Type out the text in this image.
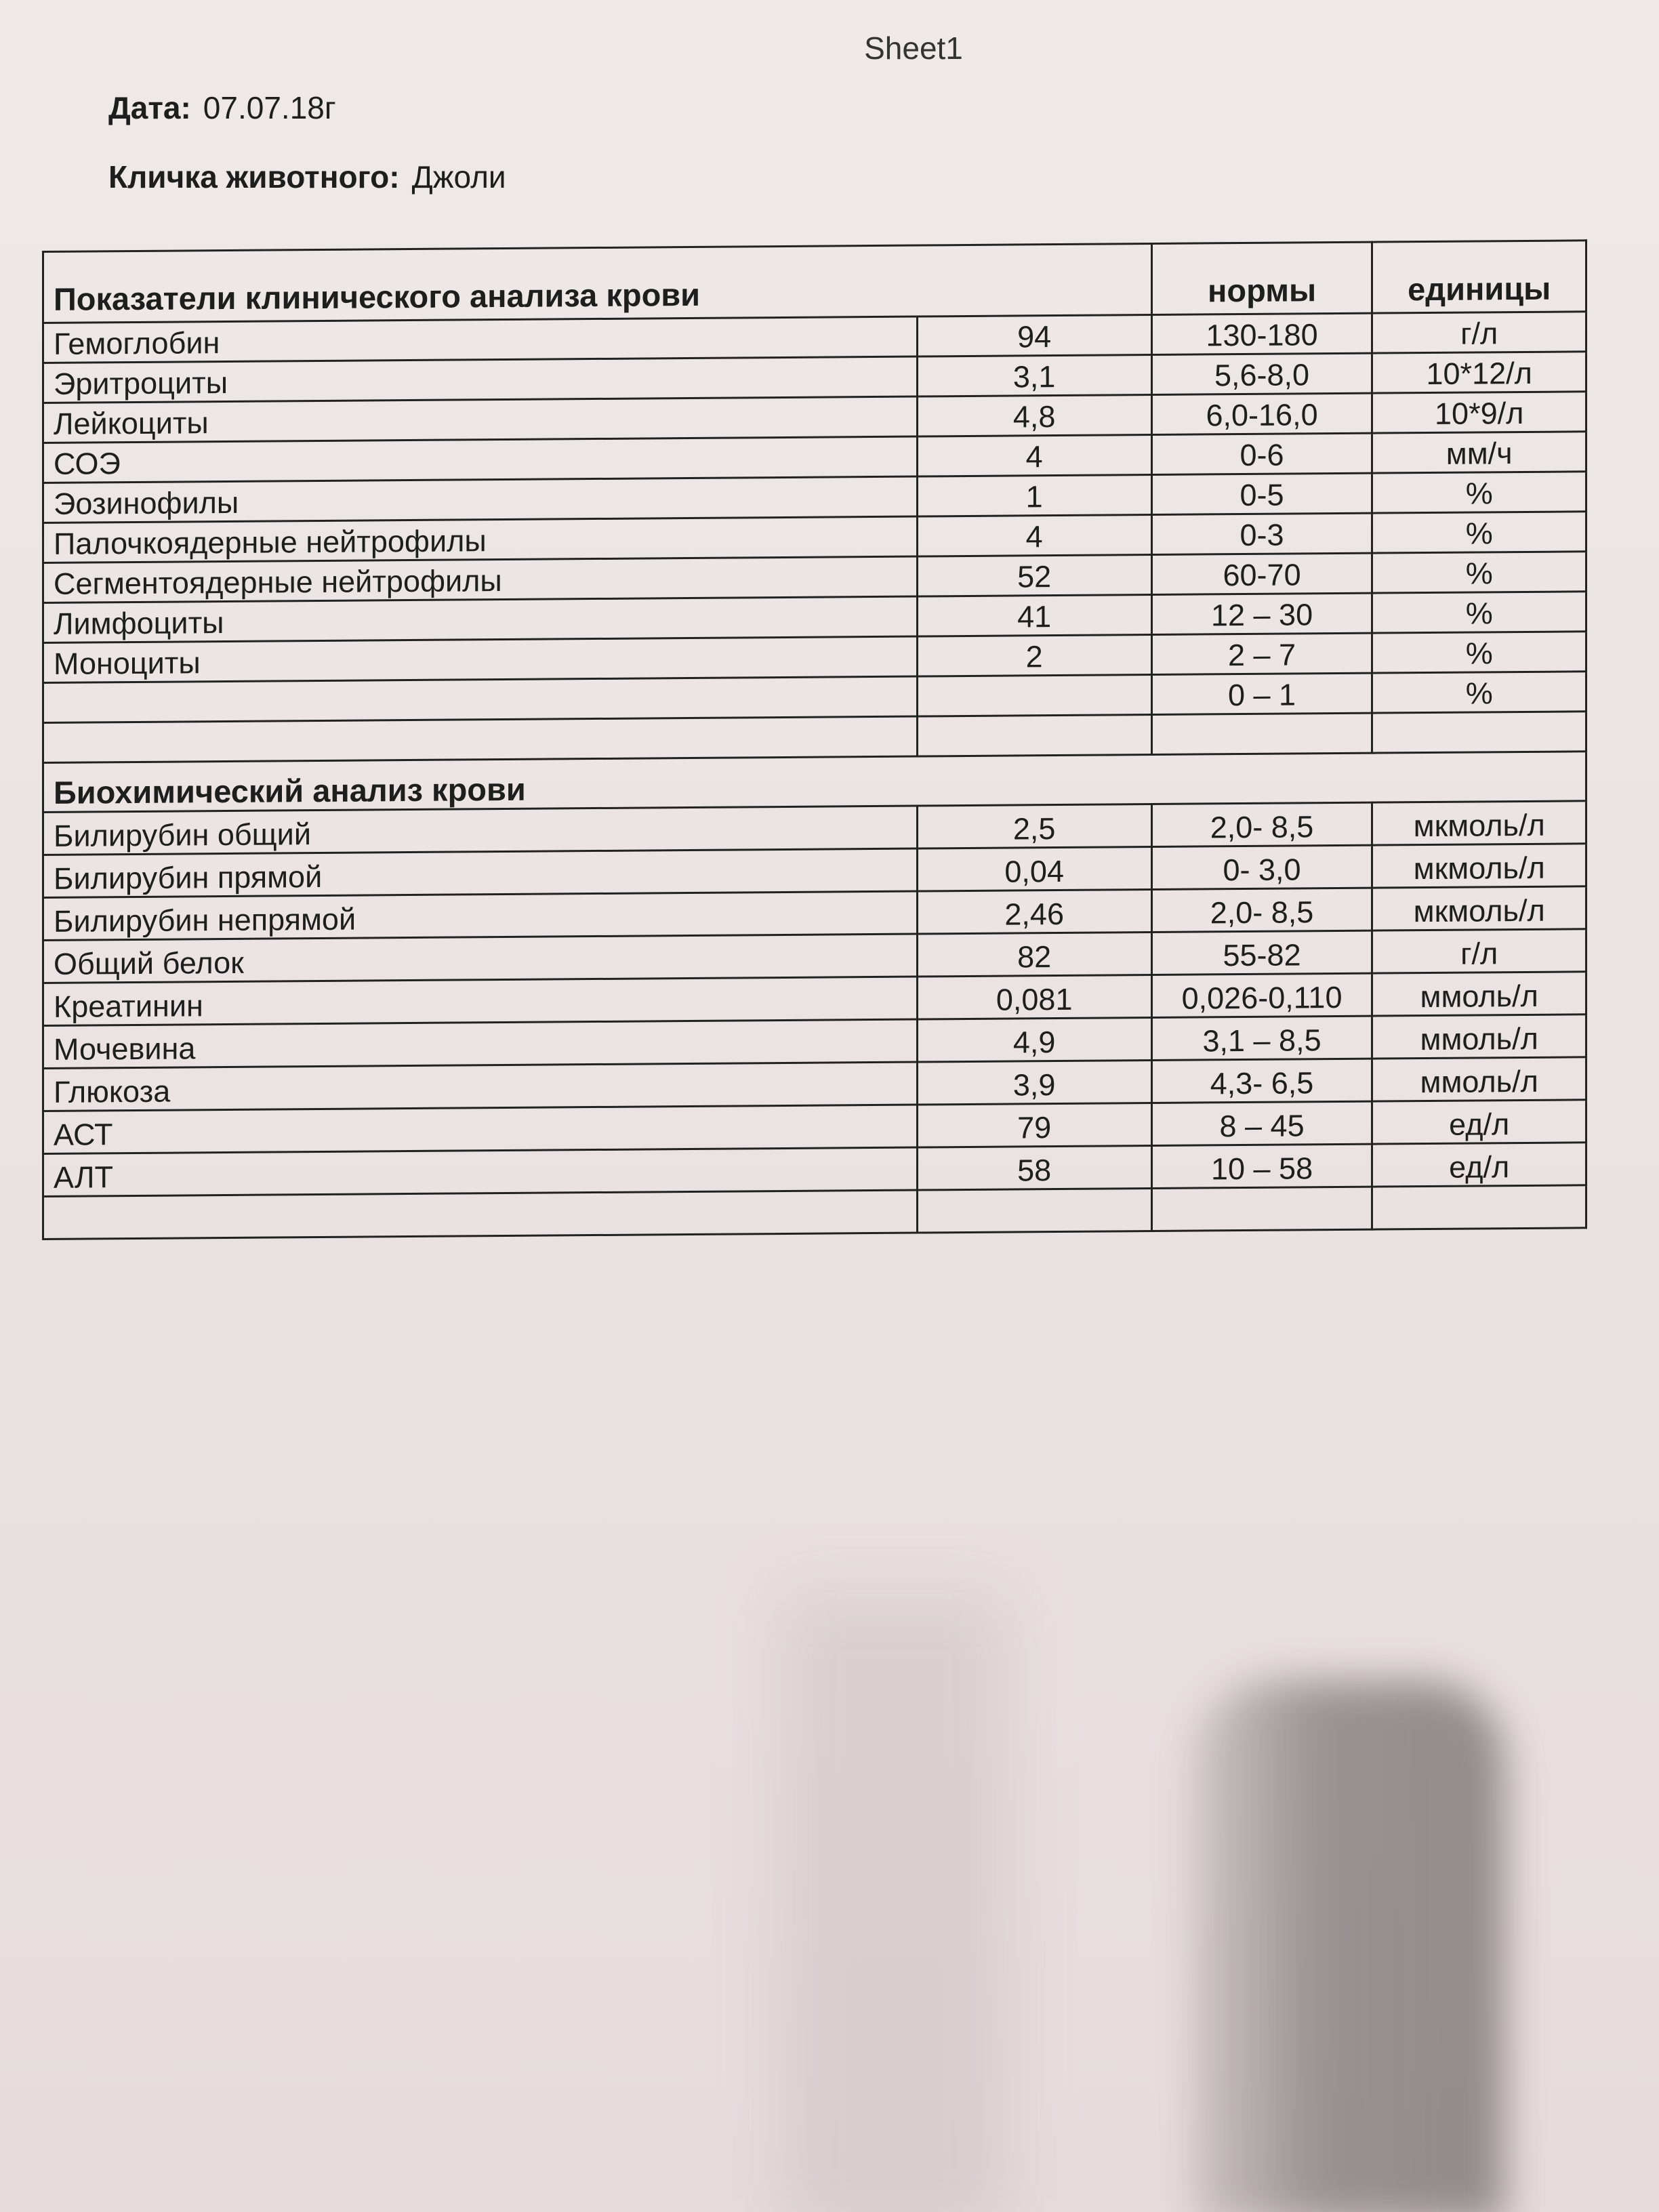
Sheet1
Дата: 07.07.18г
Кличка животного: Джоли
Показатели клинического анализа крови		нормы	единицы
Гемоглобин	94	130-180	г/л
Эритроциты	3,1	5,6-8,0	10*12/л
Лейкоциты	4,8	6,0-16,0	10*9/л
СОЭ	4	0-6	мм/ч
Эозинофилы	1	0-5	%
Палочкоядерные нейтрофилы	4	0-3	%
Сегментоядерные нейтрофилы	52	60-70	%
Лимфоциты	41	12 – 30	%
Моноциты	2	2 – 7	%
		0 – 1	%

Биохимический анализ крови			
Билирубин общий	2,5	2,0- 8,5	мкмоль/л
Билирубин прямой	0,04	0- 3,0	мкмоль/л
Билирубин непрямой	2,46	2,0- 8,5	мкмоль/л
Общий белок	82	55-82	г/л
Креатинин	0,081	0,026-0,110	ммоль/л
Мочевина	4,9	3,1 – 8,5	ммоль/л
Глюкоза	3,9	4,3- 6,5	ммоль/л
АСТ	79	8 – 45	ед/л
АЛТ	58	10 – 58	ед/л
